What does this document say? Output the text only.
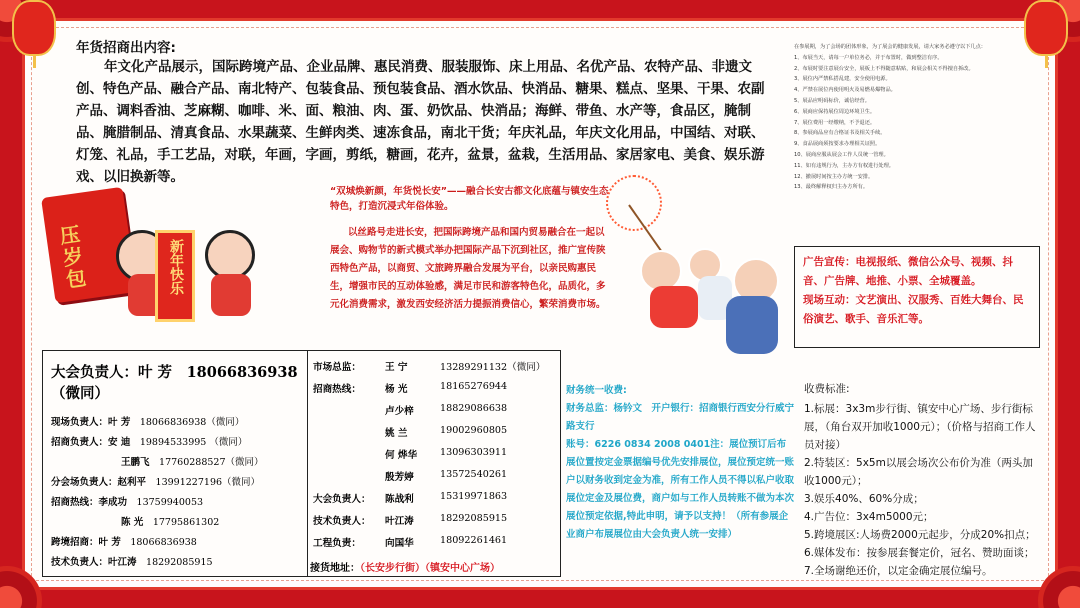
年货招商出内容:
年文化产品展示，国际跨境产品、企业品牌、惠民消费、服装服饰、床上用品、名优产品、农特产品、非遗文创、特色产品、融合产品、南北特产、包装食品、预包装食品、酒水饮品、快消品、糖果、糕点、坚果、干果、农副产品、调料香油、芝麻糊、咖啡、米、面、粮油、肉、蛋、奶饮品、快消品；海鲜、带鱼、水产等，食品区，腌制品、腌腊制品、清真食品、水果蔬菜、生鲜肉类、速冻食品，南北干货；年庆礼品，年庆文化用品，中国结、对联、灯笼、礼品，手工艺品，对联，年画，字画，剪纸，糖画，花卉，盆景，盆栽，生活用品、家居家电、美食、娱乐游戏、以旧换新等。
压岁包	新年快乐
“双城焕新颜，年货悦长安”——融合长安古都文化底蕴与镇安生态特色，打造沉浸式年俗体验。
以丝路号走进长安，把国际跨境产品和国内贸易融合在一起以展会、购物节的新式模式举办把国际产品下沉到社区，推广宣传陕西特色产品，以商贸、文旅跨界融合发展为平台，以亲民购惠民生，增强市民的互动体验感，满足市民和游客特色化，品质化，多元化消费需求，激发西安经济活力提振消费信心，繁荣消费市场。

在参展期，为了会场的团体形象，为了展会的健康发展，请大家务必遵守以下几点：

1、布展当天，请每一户单位务必，并于布置时，做到整洁有序。

2、布展时要注意展台安全，展板上不得随意粘贴，和展会相关不得擅自拆改。

3、展位内严禁私搭乱建，安全使用电源。

4、严禁在展位内使用明火及易燃易爆物品。

5、展品应明码标价，诚信经营。

6、展商应保持展位周边环境卫生。

7、展位费用一经缴纳，不予退还。

8、参展商品应有合格证书及相关手续。

9、食品展商须按要求办理相关证照。

10、展商应服从展会工作人员统一管理。

11、如有违规行为，主办方有权进行处理。

12、撤展时间按主办方统一安排。

13、最终解释权归主办方所有。

广告宣传：电视报纸、微信公众号、视频、抖音、广告牌、地推、小票、全城覆盖。
现场互动：文艺演出、汉服秀、百姓大舞台、民俗演艺、歌手、音乐汇等。
大会负责人：叶 芳　 18066836938（微同）
现场负责人：叶 芳　 18066836938（微同）
招商负责人：安 迪　 19894533995 （微同）
王鹏飞　 17760288527（微同）
分会场负责人：赵利平　 13991227196（微同）
招商热线：李成功　 13759940053
陈 光　 17795861302
跨境招商：叶 芳　 18066836938
技术负责人：叶江涛　 18292085915
市场总监：	王 宁	13289291132（微同）
招商热线：	杨 光	18165276944
卢少梓	18829086638
姚 兰	19002960805
何 烨华 13096303911
殷芳婷	13572540261
大会负责人： 陈战利	15319971863
技术负责人： 叶江涛	18292085915
工程负责：	向国华	18092261461
接货地址：（长安步行街）（镇安中心广场）
财务统一收费:
财务总监：杨钤文　开户银行：招商银行西安分行威宁路支行
账号：6226 0834 2008 0401注：展位预订后布展位置按定金票据编号优先安排展位，展位预定统一账户以财务收到定金为准，所有工作人员不得以私户收取展位定金及展位费，商户如与工作人员转账不做为本次展位预定依据,特此申明，请予以支持！（所有参展企业商户布展展位由大会负责人统一安排）
收费标准:
1.标展：3x3m步行街、镇安中心广场、步行街标展，（角台双开加收1000元）；（价格与招商工作人员对接）
2.特装区：5x5m以展会场次公布价为准（两头加收1000元）；
3.娱乐40%、60%分成；
4.广告位：3x4m5000元；
5.跨境展区:人场费2000元起步，分成20%扣点；
6.媒体发布：按参展套餐定价，冠名、赞助面谈；
7.全场谢绝还价，以定金确定展位编号。
